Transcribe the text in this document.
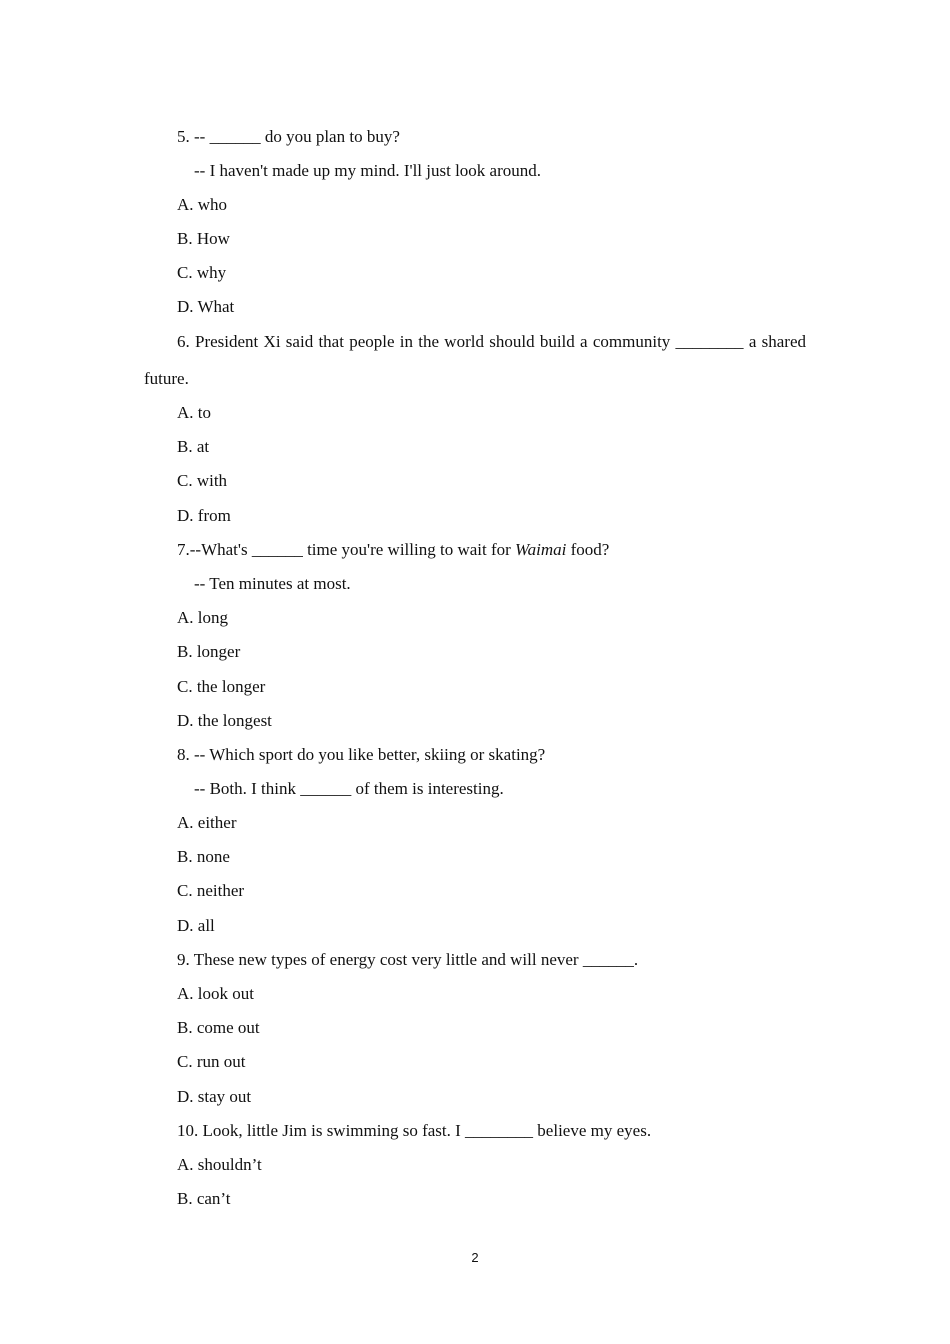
5. -- ______ do you plan to buy?
-- I haven't made up my mind. I'll just look around.
A. who
B. How
C. why
D. What
6. President Xi said that people in the world should build a community ________ a shared
future.
A. to
B. at
C. with
D. from
7.--What's ______ time you're willing to wait for Waimai food?
-- Ten minutes at most.
A. long
B. longer
C. the longer
D. the longest
8. -- Which sport do you like better, skiing or skating?
-- Both. I think ______ of them is interesting.
A. either
B. none
C. neither
D. all
9. These new types of energy cost very little and will never ______.
A. look out
B. come out
C. run out
D. stay out
10. Look, little Jim is swimming so fast. I ________ believe my eyes.
A. shouldn’t
B. can’t
2
